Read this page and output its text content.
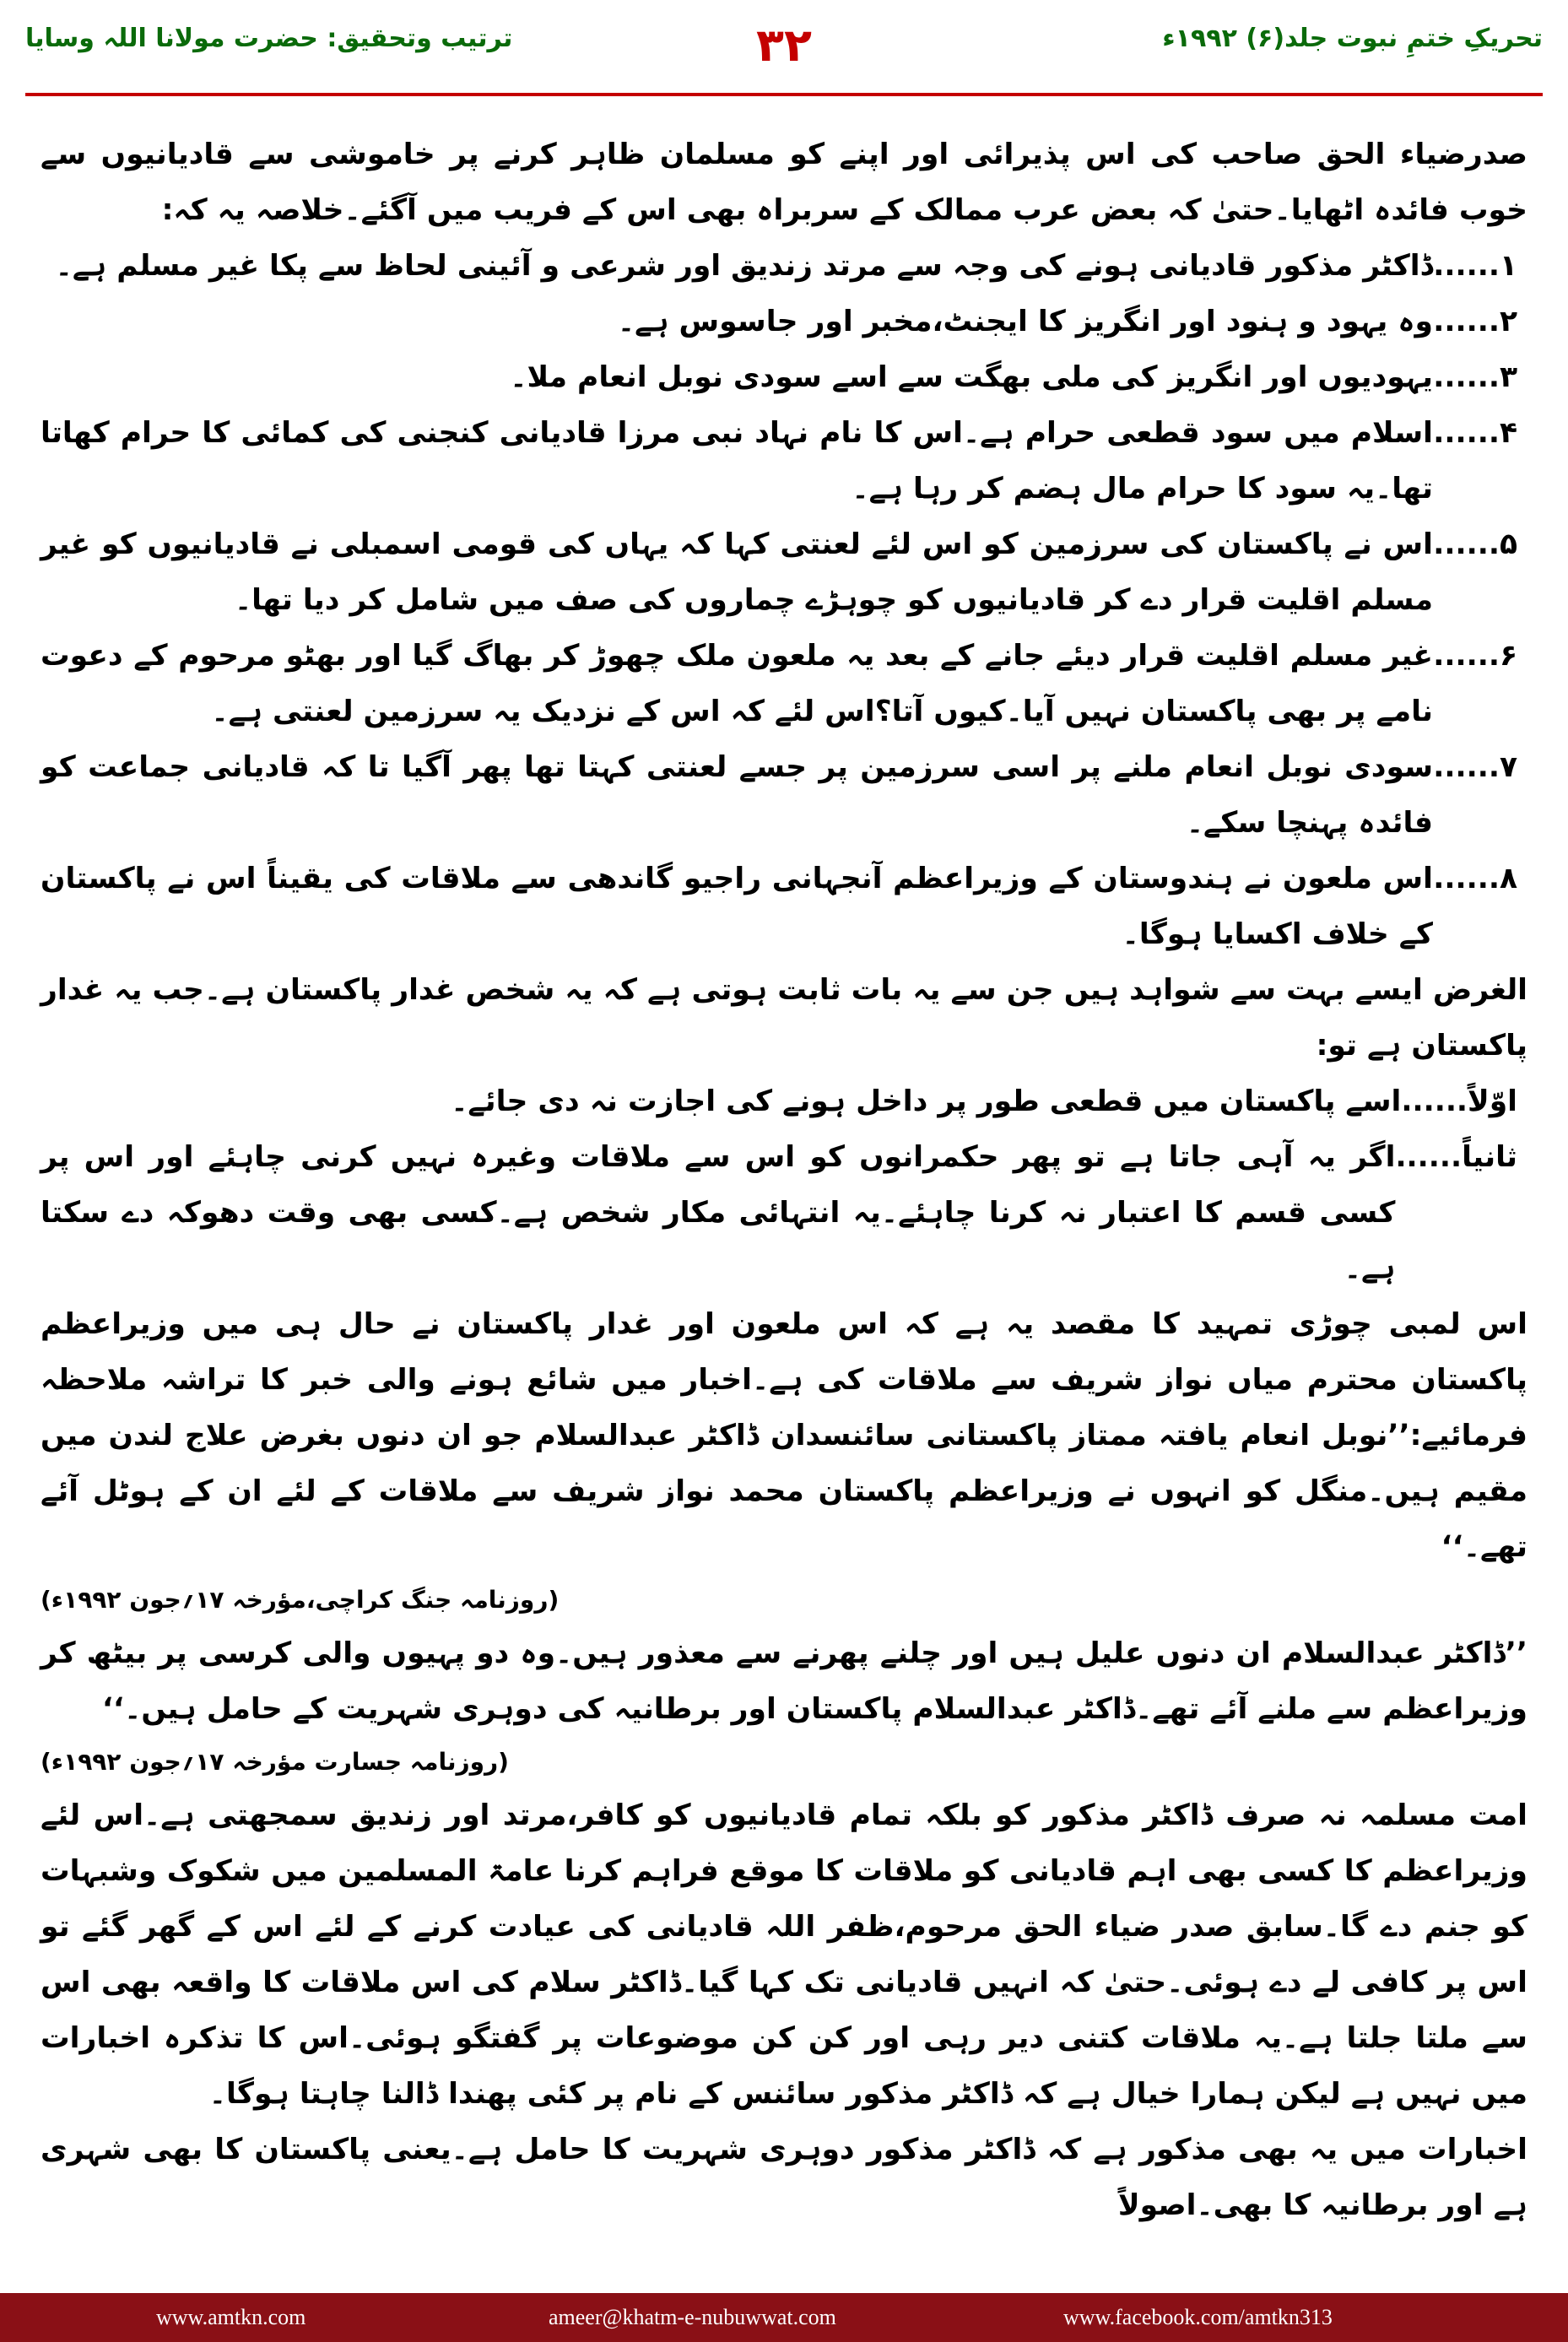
تحریکِ ختمِ نبوت جلد(۶) ۱۹۹۲ء
۳۲
ترتیب وتحقیق: حضرت مولانا اللہ وسایا

صدرضیاء الحق صاحب کی اس پذیرائی اور اپنے کو مسلمان ظاہر کرنے پر خاموشی سے قادیانیوں سے خوب فائدہ اٹھایا۔حتیٰ کہ بعض عرب ممالک کے سربراہ بھی اس کے فریب میں آگئے۔خلاصہ یہ کہ:

۱......
ڈاکٹر مذکور قادیانی ہونے کی وجہ سے مرتد زندیق اور شرعی و آئینی لحاظ سے پکا غیر مسلم ہے۔
۲......
وہ یہود و ہنود اور انگریز کا ایجنٹ،مخبر اور جاسوس ہے۔
۳......
یہودیوں اور انگریز کی ملی بھگت سے اسے سودی نوبل انعام ملا۔
۴......
اسلام میں سود قطعی حرام ہے۔اس کا نام نہاد نبی مرزا قادیانی کنجنی کی کمائی کا حرام کھاتا تھا۔یہ سود کا حرام مال ہضم کر رہا ہے۔
۵......
اس نے پاکستان کی سرزمین کو اس لئے لعنتی کہا کہ یہاں کی قومی اسمبلی نے قادیانیوں کو غیر مسلم اقلیت قرار دے کر قادیانیوں کو چوہڑے چماروں کی صف میں شامل کر دیا تھا۔
۶......
غیر مسلم اقلیت قرار دیئے جانے کے بعد یہ ملعون ملک چھوڑ کر بھاگ گیا اور بھٹو مرحوم کے دعوت نامے پر بھی پاکستان نہیں آیا۔کیوں آتا؟اس لئے کہ اس کے نزدیک یہ سرزمین لعنتی ہے۔
۷......
سودی نوبل انعام ملنے پر اسی سرزمین پر جسے لعنتی کہتا تھا پھر آگیا تا کہ قادیانی جماعت کو فائدہ پہنچا سکے۔
۸......
اس ملعون نے ہندوستان کے وزیراعظم آنجہانی راجیو گاندھی سے ملاقات کی یقیناً اس نے پاکستان کے خلاف اکسایا ہوگا۔

الغرض ایسے بہت سے شواہد ہیں جن سے یہ بات ثابت ہوتی ہے کہ یہ شخص غدار پاکستان ہے۔جب یہ غدار پاکستان ہے تو:

اوّلاً......
اسے پاکستان میں قطعی طور پر داخل ہونے کی اجازت نہ دی جائے۔
ثانیاً......
اگر یہ آہی جاتا ہے تو پھر حکمرانوں کو اس سے ملاقات وغیرہ نہیں کرنی چاہئے اور اس پر کسی قسم کا اعتبار نہ کرنا چاہئے۔یہ انتہائی مکار شخص ہے۔کسی بھی وقت دھوکہ دے سکتا ہے۔

اس لمبی چوڑی تمہید کا مقصد یہ ہے کہ اس ملعون اور غدار پاکستان نے حال ہی میں وزیراعظم پاکستان محترم میاں نواز شریف سے ملاقات کی ہے۔اخبار میں شائع ہونے والی خبر کا تراشہ ملاحظہ فرمائیے:’’نوبل انعام یافتہ ممتاز پاکستانی سائنسدان ڈاکٹر عبدالسلام جو ان دنوں بغرض علاج لندن میں مقیم ہیں۔منگل کو انہوں نے وزیراعظم پاکستان محمد نواز شریف سے ملاقات کے لئے ان کے ہوٹل آئے تھے۔‘‘

(روزنامہ جنگ کراچی،مؤرخہ ۱۷؍جون ۱۹۹۲ء)

’’ڈاکٹر عبدالسلام ان دنوں علیل ہیں اور چلنے پھرنے سے معذور ہیں۔وہ دو پہیوں والی کرسی پر بیٹھ کر وزیراعظم سے ملنے آئے تھے۔ڈاکٹر عبدالسلام پاکستان اور برطانیہ کی دوہری شہریت کے حامل ہیں۔‘‘

(روزنامہ جسارت مؤرخہ ۱۷؍جون ۱۹۹۲ء)

امت مسلمہ نہ صرف ڈاکٹر مذکور کو بلکہ تمام قادیانیوں کو کافر،مرتد اور زندیق سمجھتی ہے۔اس لئے وزیراعظم کا کسی بھی اہم قادیانی کو ملاقات کا موقع فراہم کرنا عامۃ المسلمین میں شکوک وشبہات کو جنم دے گا۔سابق صدر ضیاء الحق مرحوم،ظفر اللہ قادیانی کی عیادت کرنے کے لئے اس کے گھر گئے تو اس پر کافی لے دے ہوئی۔حتیٰ کہ انہیں قادیانی تک کہا گیا۔ڈاکٹر سلام کی اس ملاقات کا واقعہ بھی اس سے ملتا جلتا ہے۔یہ ملاقات کتنی دیر رہی اور کن کن موضوعات پر گفتگو ہوئی۔اس کا تذکرہ اخبارات میں نہیں ہے لیکن ہمارا خیال ہے کہ ڈاکٹر مذکور سائنس کے نام پر کئی پھندا ڈالنا چاہتا ہوگا۔

اخبارات میں یہ بھی مذکور ہے کہ ڈاکٹر مذکور دوہری شہریت کا حامل ہے۔یعنی پاکستان کا بھی شہری ہے اور برطانیہ کا بھی۔اصولاً

www.amtkn.com	ameer@khatm-e-nubuwwat.com	www.facebook.com/amtkn313
